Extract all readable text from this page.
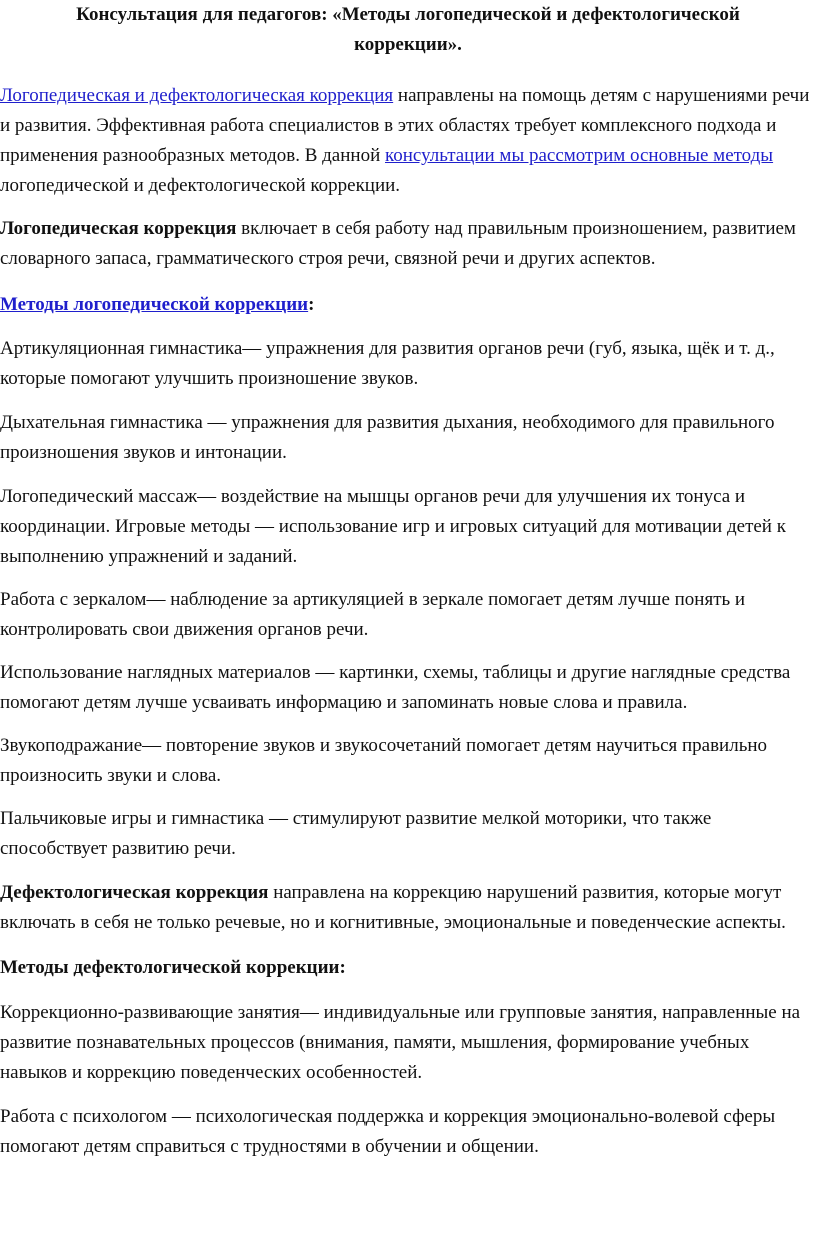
Консультация для педагогов: «Методы логопедической и дефектологической
коррекции».

Логопедическая и дефектологическая коррекция направлены на помощь детям с нарушениями речи и развития. Эффективная работа специалистов в этих областях требует комплексного подхода и применения разнообразных методов. В данной консультации мы рассмотрим основные методы логопедической и дефектологической коррекции.

Логопедическая коррекция включает в себя работу над правильным произношением, развитием словарного запаса, грамматического строя речи, связной речи и других аспектов.

Методы логопедической коррекции:

Артикуляционная гимнастика— упражнения для развития органов речи (губ, языка, щёк и т. д., которые помогают улучшить произношение звуков.

Дыхательная гимнастика — упражнения для развития дыхания, необходимого для правильного произношения звуков и интонации.

Логопедический массаж— воздействие на мышцы органов речи для улучшения их тонуса и координации. Игровые методы — использование игр и игровых ситуаций для мотивации детей к выполнению упражнений и заданий.

Работа с зеркалом— наблюдение за артикуляцией в зеркале помогает детям лучше понять и контролировать свои движения органов речи.

Использование наглядных материалов — картинки, схемы, таблицы и другие наглядные средства помогают детям лучше усваивать информацию и запоминать новые слова и правила.

Звукоподражание— повторение звуков и звукосочетаний помогает детям научиться правильно произносить звуки и слова.

Пальчиковые игры и гимнастика — стимулируют развитие мелкой моторики, что также способствует развитию речи.

Дефектологическая коррекция направлена на коррекцию нарушений развития, которые могут включать в себя не только речевые, но и когнитивные, эмоциональные и поведенческие аспекты.

Методы дефектологической коррекции:

Коррекционно-развивающие занятия— индивидуальные или групповые занятия, направленные на развитие познавательных процессов (внимания, памяти, мышления, формирование учебных навыков и коррекцию поведенческих особенностей.

Работа с психологом — психологическая поддержка и коррекция эмоционально-волевой сферы помогают детям справиться с трудностями в обучении и общении.
